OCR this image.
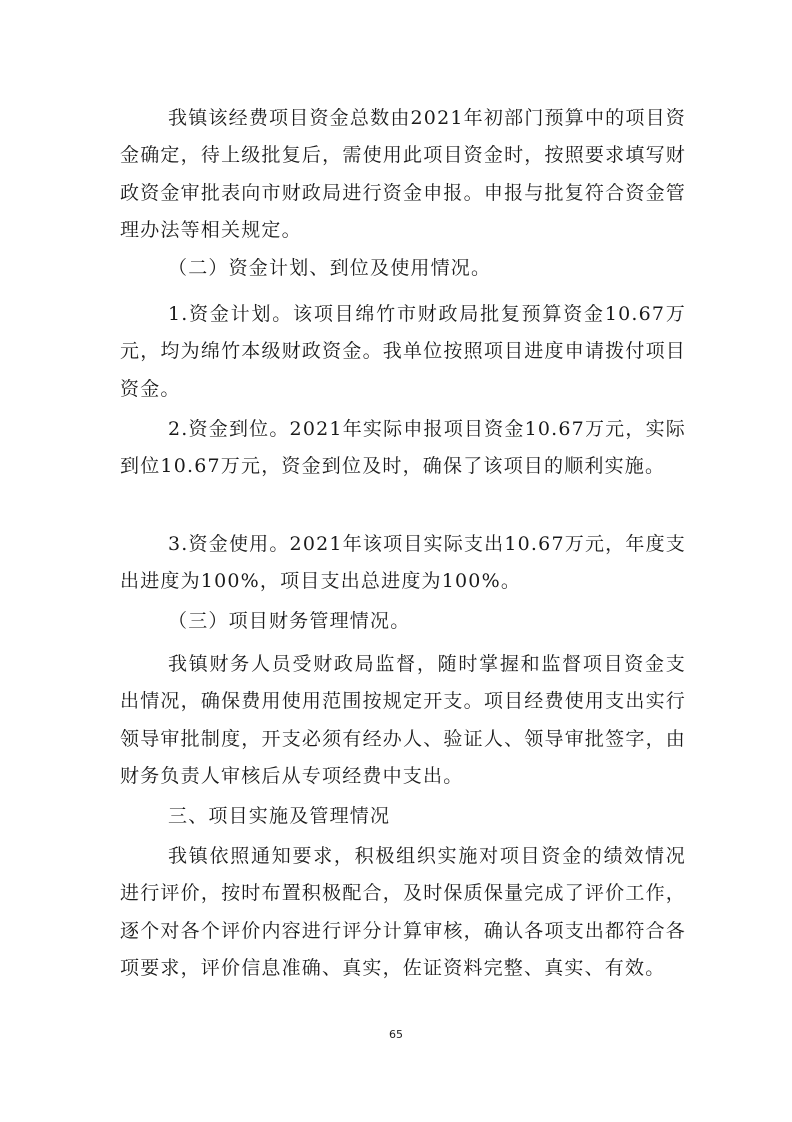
我镇该经费项目资金总数由2021年初部门预算中的项目资金确定，待上级批复后，需使用此项目资金时，按照要求填写财政资金审批表向市财政局进行资金申报。申报与批复符合资金管理办法等相关规定。

（二）资金计划、到位及使用情况。

1.资金计划。该项目绵竹市财政局批复预算资金10.67万元，均为绵竹本级财政资金。我单位按照项目进度申请拨付项目资金。

2.资金到位。2021年实际申报项目资金10.67万元，实际到位10.67万元，资金到位及时，确保了该项目的顺利实施。

3.资金使用。2021年该项目实际支出10.67万元，年度支出进度为100%，项目支出总进度为100%。

（三）项目财务管理情况。

我镇财务人员受财政局监督，随时掌握和监督项目资金支出情况，确保费用使用范围按规定开支。项目经费使用支出实行领导审批制度，开支必须有经办人、验证人、领导审批签字，由财务负责人审核后从专项经费中支出。

三、项目实施及管理情况

我镇依照通知要求，积极组织实施对项目资金的绩效情况进行评价，按时布置积极配合，及时保质保量完成了评价工作，逐个对各个评价内容进行评分计算审核，确认各项支出都符合各项要求，评价信息准确、真实，佐证资料完整、真实、有效。

65
